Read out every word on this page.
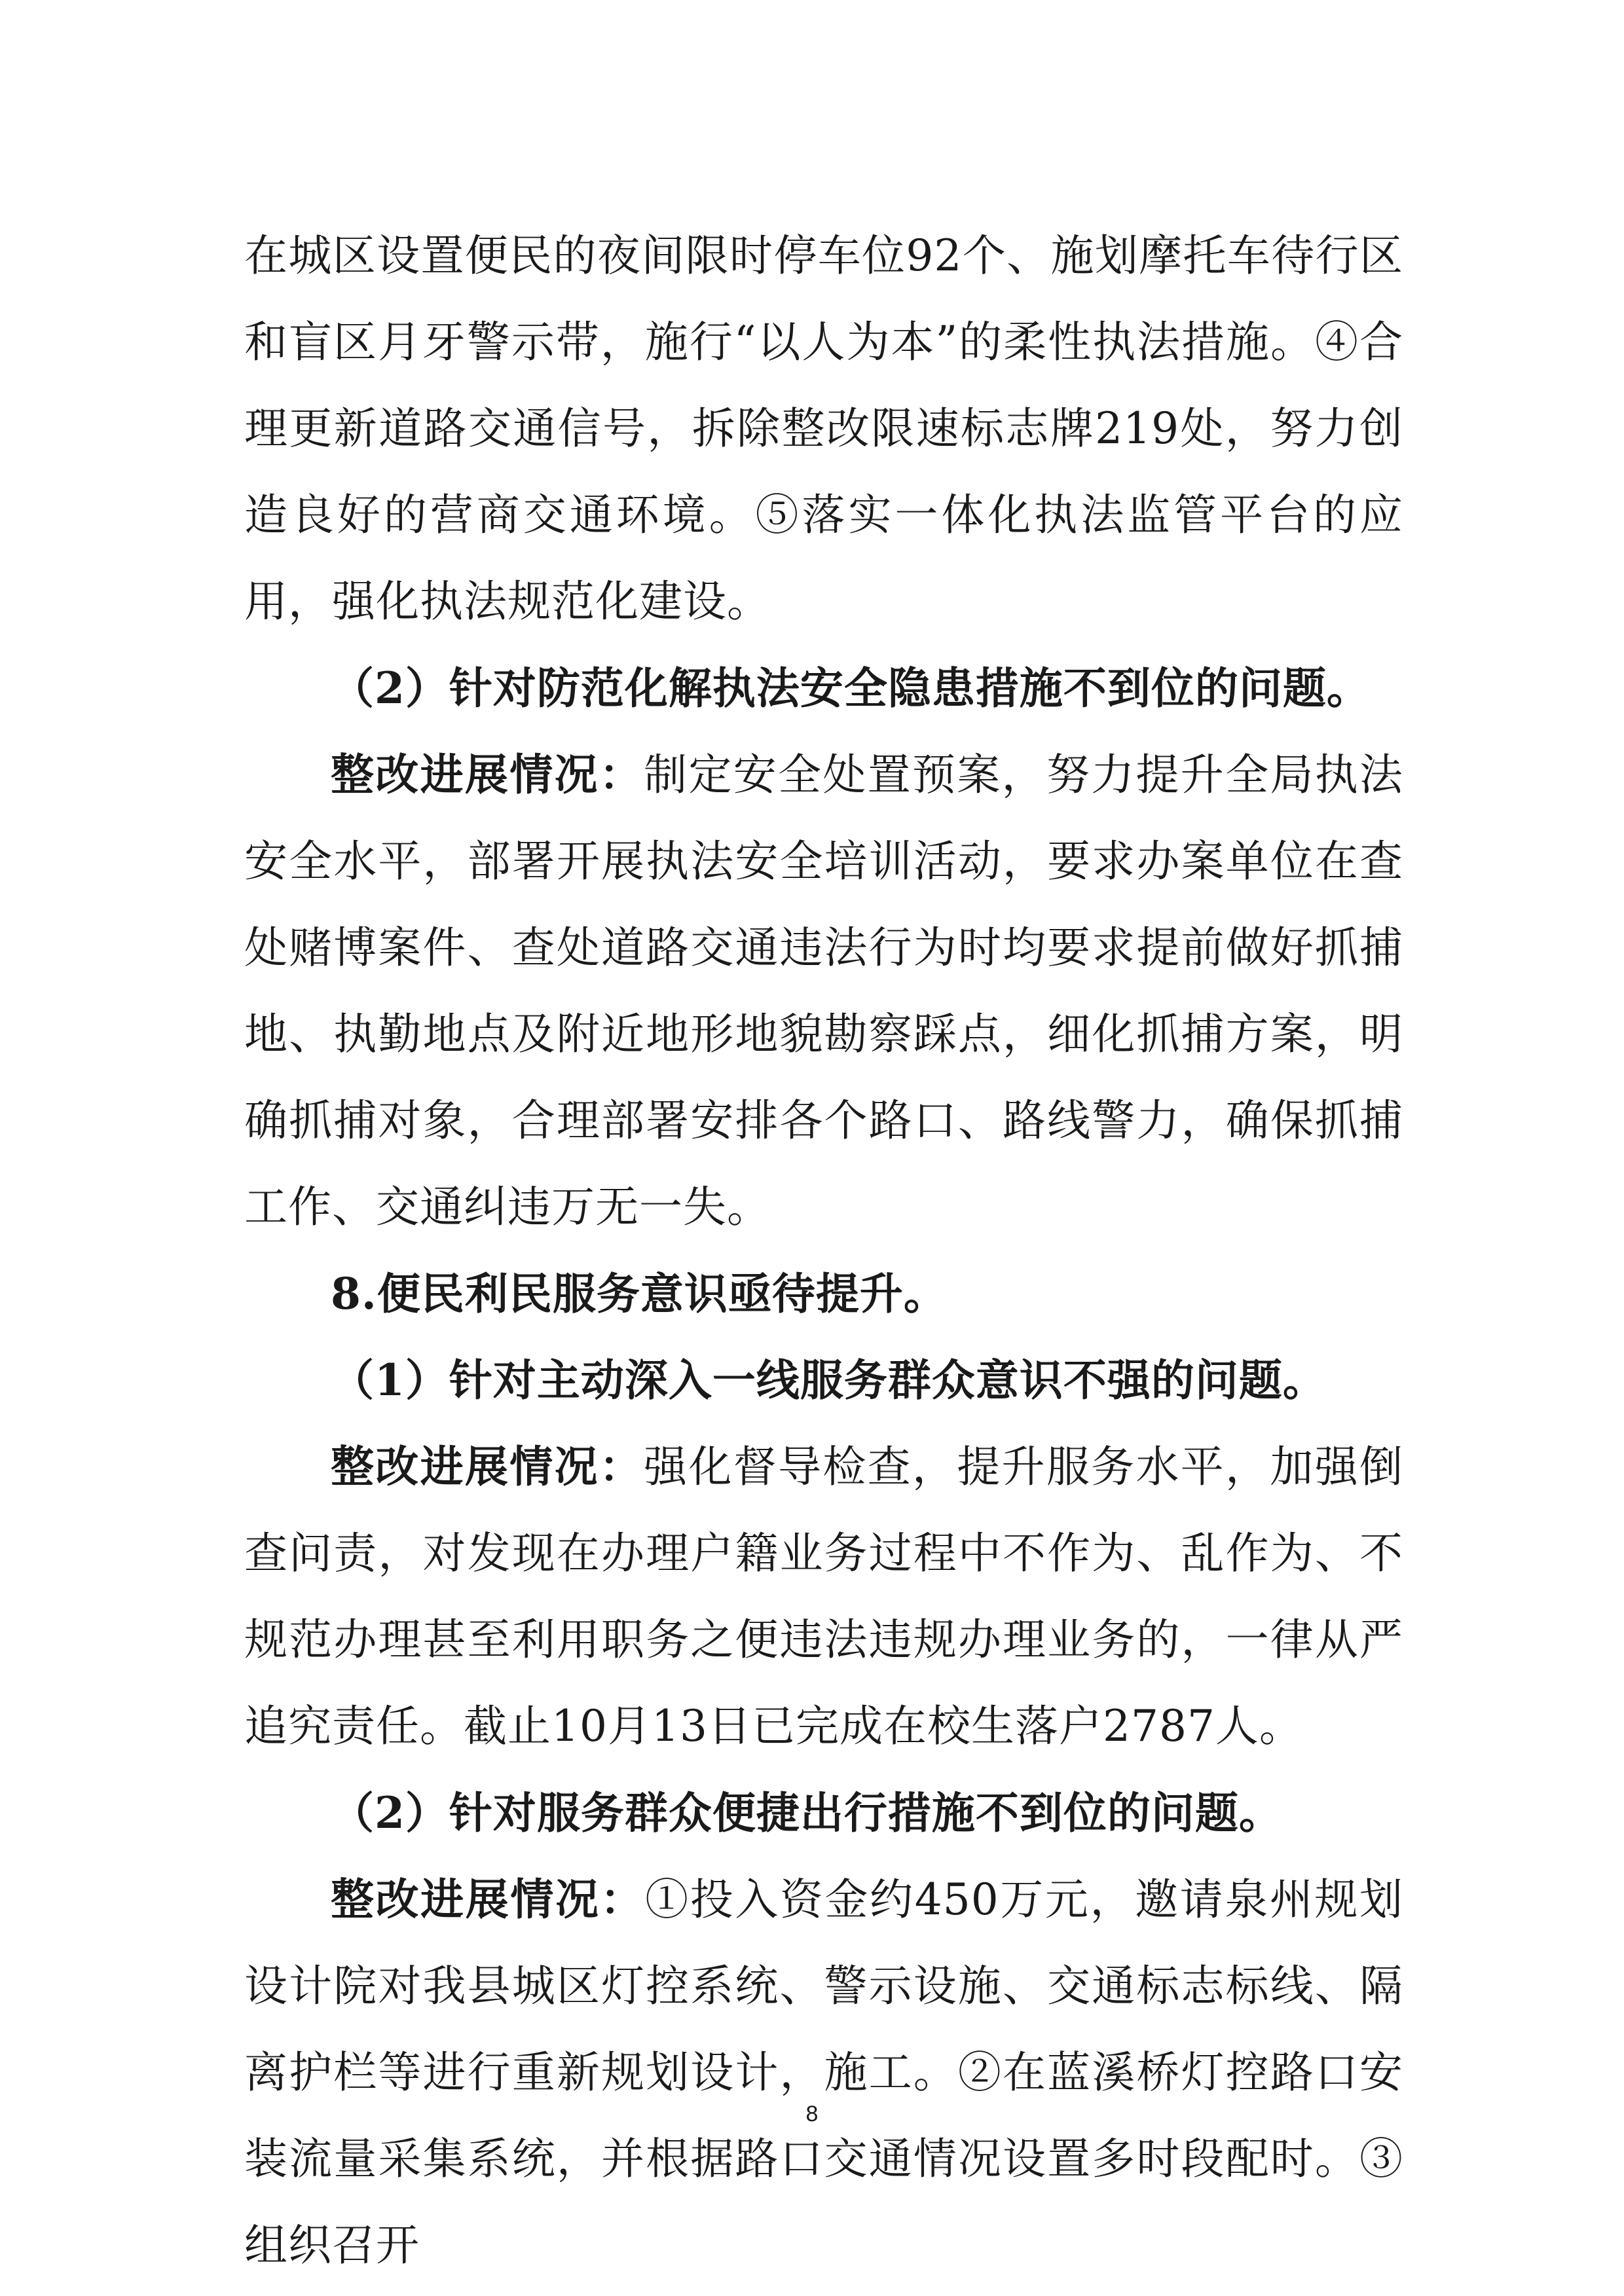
在城区设置便民的夜间限时停车位92个、施划摩托车待行区和盲区月牙警示带，施行“以人为本”的柔性执法措施。④合理更新道路交通信号，拆除整改限速标志牌219处，努力创造良好的营商交通环境。⑤落实一体化执法监管平台的应用，强化执法规范化建设。

（2）针对防范化解执法安全隐患措施不到位的问题。

整改进展情况：制定安全处置预案，努力提升全局执法安全水平，部署开展执法安全培训活动，要求办案单位在查处赌博案件、查处道路交通违法行为时均要求提前做好抓捕地、执勤地点及附近地形地貌勘察踩点，细化抓捕方案，明确抓捕对象，合理部署安排各个路口、路线警力，确保抓捕工作、交通纠违万无一失。

8.便民利民服务意识亟待提升。

（1）针对主动深入一线服务群众意识不强的问题。

整改进展情况：强化督导检查，提升服务水平，加强倒查问责，对发现在办理户籍业务过程中不作为、乱作为、不规范办理甚至利用职务之便违法违规办理业务的，一律从严追究责任。截止10月13日已完成在校生落户2787人。

（2）针对服务群众便捷出行措施不到位的问题。

整改进展情况：①投入资金约450万元，邀请泉州规划设计院对我县城区灯控系统、警示设施、交通标志标线、隔离护栏等进行重新规划设计，施工。②在蓝溪桥灯控路口安装流量采集系统，并根据路口交通情况设置多时段配时。③组织召开

8
